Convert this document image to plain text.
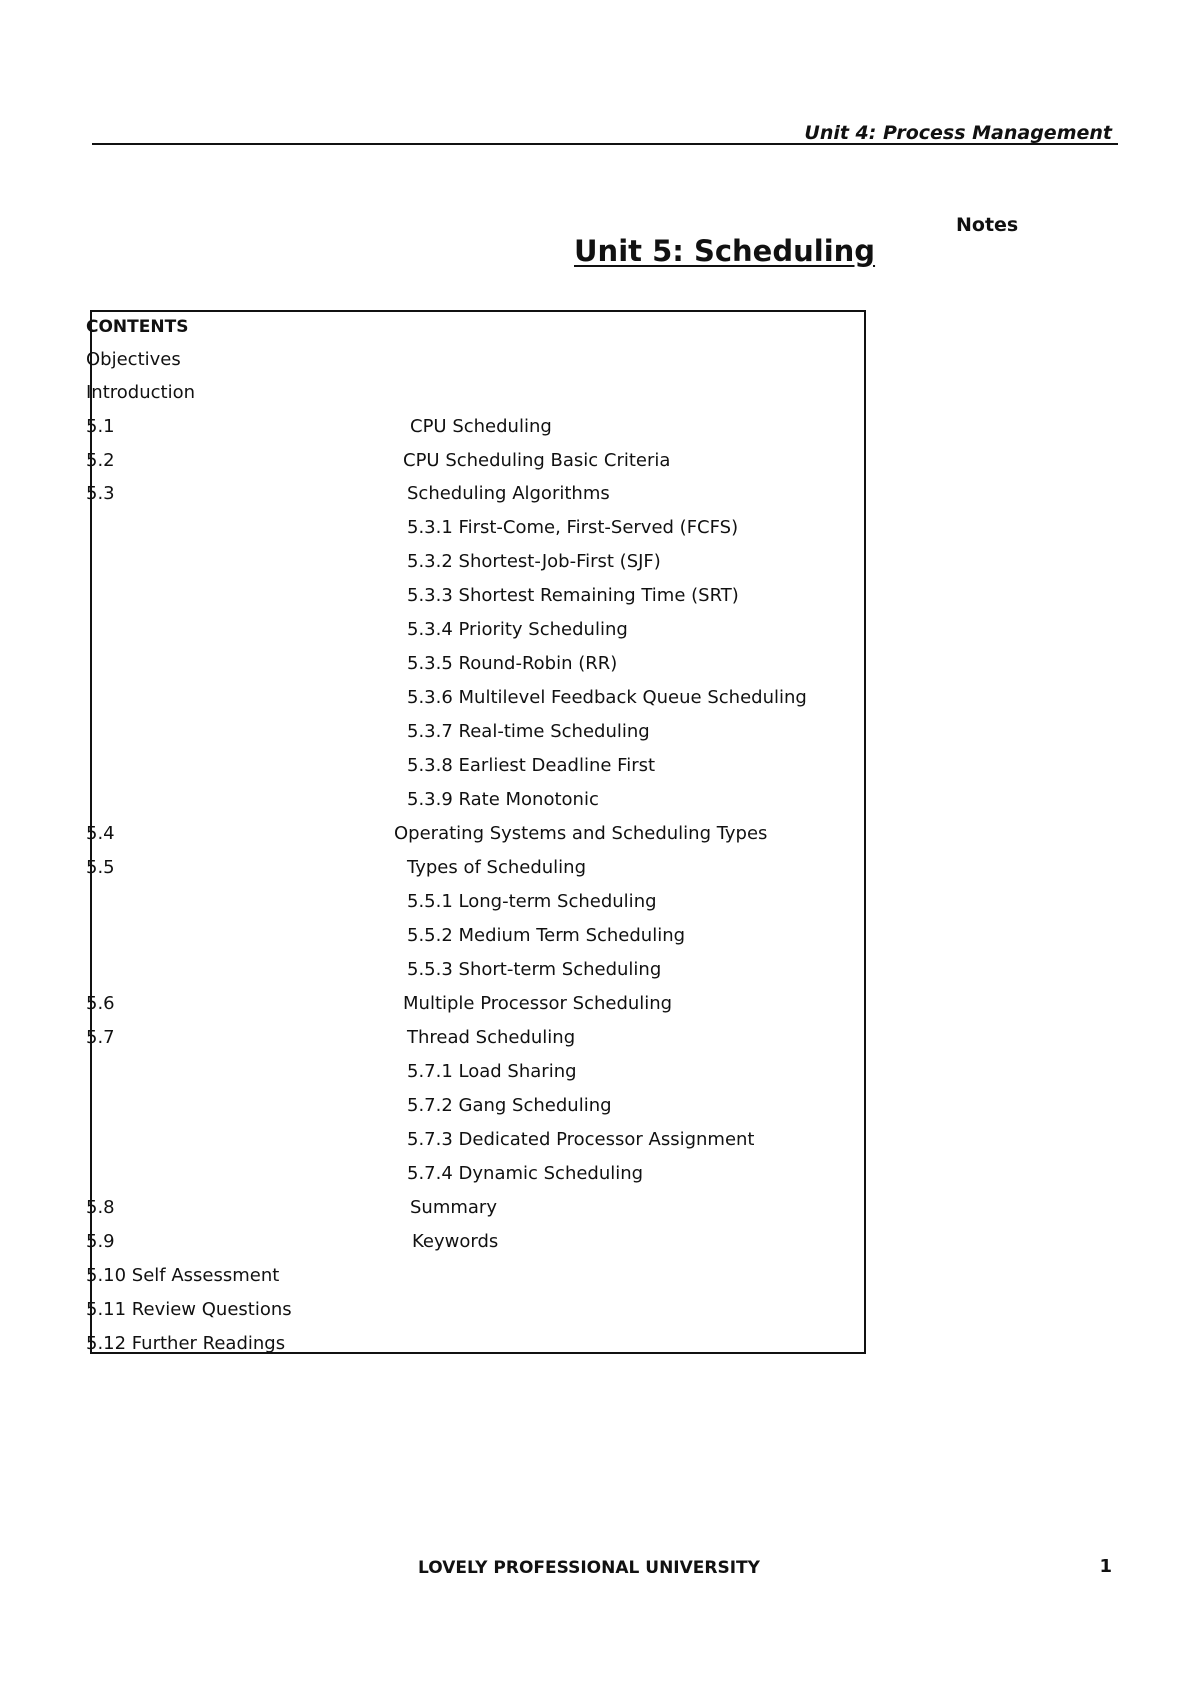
Unit 4: Process Management
Notes
Unit 5: Scheduling
CONTENTS
Objectives
Introduction
5.1	CPU Scheduling
5.2	CPU Scheduling Basic Criteria
5.3	Scheduling Algorithms
5.3.1 First-Come, First-Served (FCFS)
5.3.2 Shortest-Job-First (SJF)
5.3.3 Shortest Remaining Time (SRT)
5.3.4 Priority Scheduling
5.3.5 Round-Robin (RR)
5.3.6 Multilevel Feedback Queue Scheduling
5.3.7 Real-time Scheduling
5.3.8 Earliest Deadline First
5.3.9 Rate Monotonic
5.4	Operating Systems and Scheduling Types
5.5	Types of Scheduling
5.5.1 Long-term Scheduling
5.5.2 Medium Term Scheduling
5.5.3 Short-term Scheduling
5.6	Multiple Processor Scheduling
5.7	Thread Scheduling
5.7.1 Load Sharing
5.7.2 Gang Scheduling
5.7.3 Dedicated Processor Assignment
5.7.4 Dynamic Scheduling
5.8	Summary
5.9	Keywords
5.10 Self Assessment
5.11 Review Questions
5.12 Further Readings
LOVELY PROFESSIONAL UNIVERSITY	1
